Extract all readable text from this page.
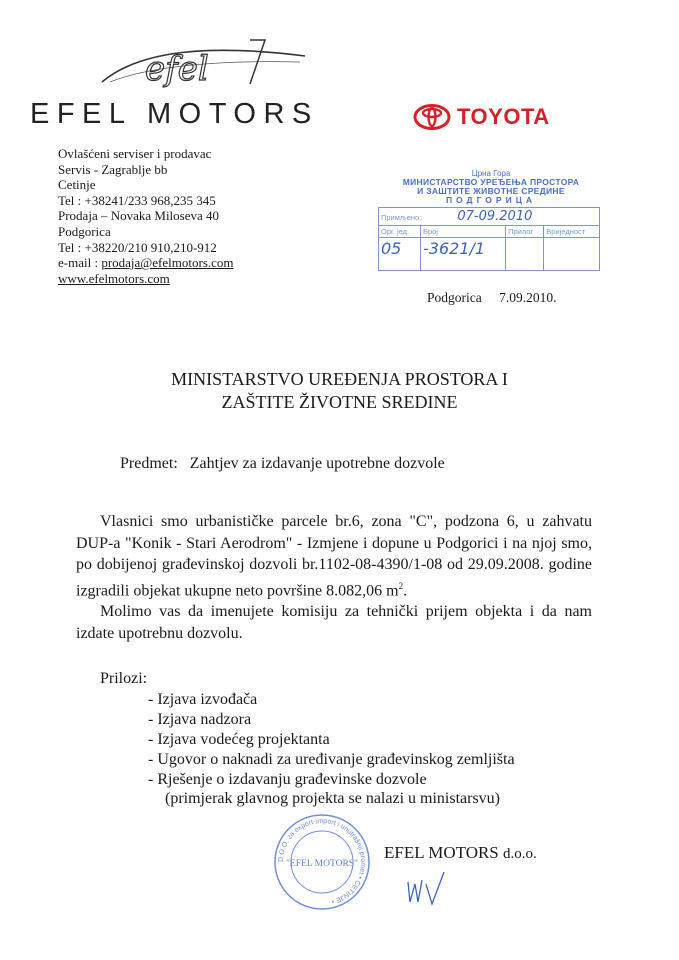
efel
EFEL MOTORS	TOYOTA
Ovlašćeni serviser i prodavac
Servis - Zagrablje bb
Cetinje
Tel : +38241/233 968,235 345
Prodaja – Novaka Miloseva 40
Podgorica
Tel : +38220/210 910,210-912
e-mail : prodaja@efelmotors.com
www.efelmotors.com
Црна Гора
МИНИСТАРСТВО УРЕЂЕЊА ПРОСТОРА
И ЗАШТИТЕ ЖИВОТНЕ СРЕДИНЕ
ПОДГОРИЦА
Примљено: 07-09.2010			
Орг. јед.	Број	Прилог	Вриједност
05	-3621/1		
Podgorica 7.09.2010.
MINISTARSTVO UREĐENJA PROSTORA I
ZAŠTITE ŽIVOTNE SREDINE
Predmet: Zahtjev za izdavanje upotrebne dozvole
Vlasnici smo urbanističke parcele br.6, zona "C", podzona 6, u zahvatu DUP-a "Konik - Stari Aerodrom" - Izmjene i dopune u Podgorici i na njoj smo, po dobijenoj građevinskoj dozvoli br.1102-08-4390/1-08 od 29.09.2008. godine izgradili objekat ukupne neto površine 8.082,06 $m^2$.
Molimo vas da imenujete komisiju za tehnički prijem objekta i da nam izdate upotrebnu dozvolu.
Prilozi:
- Izjava izvođača
- Izjava nadzora
- Izjava vodećeg projektanta
- Ugovor o naknadi za uređivanje građevinskog zemljišta
- Rješenje o izdavanju građevinske dozvole
(primjerak glavnog projekta se nalazi u ministarsvu)
D.O.O. za export-import i unutrašnji promet • CETINJE •
"EFEL MOTORS"
EFEL MOTORS d.o.o.
